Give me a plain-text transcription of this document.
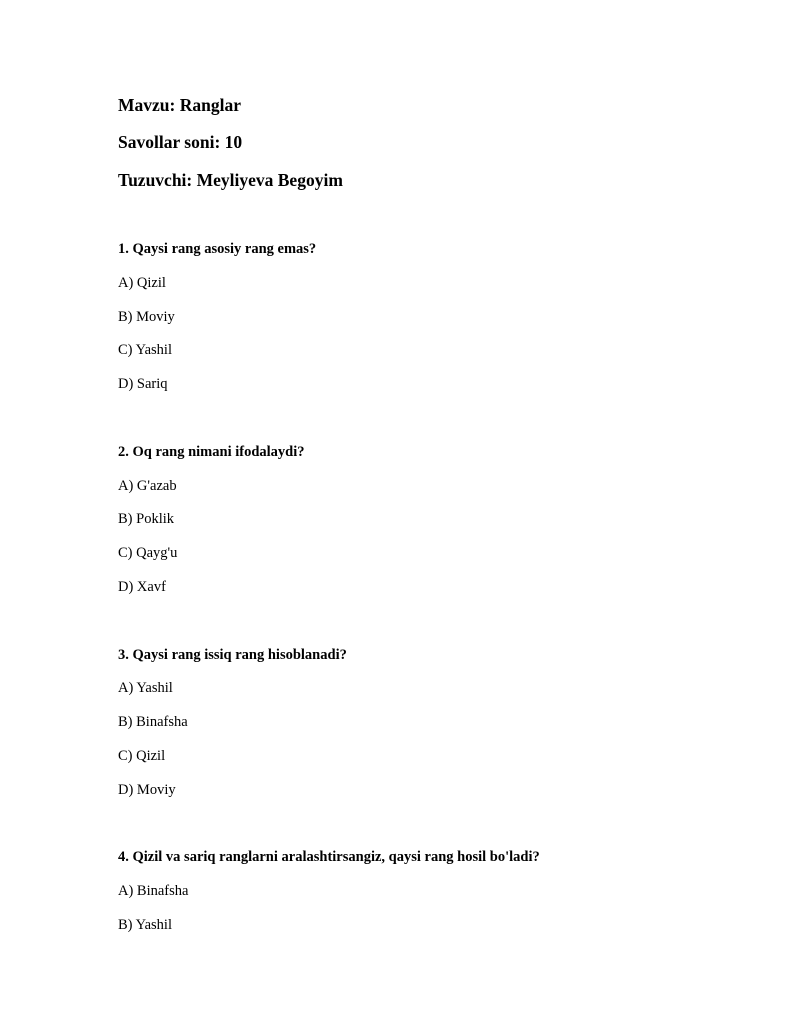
Mavzu: Ranglar
Savollar soni: 10
Tuzuvchi: Meyliyeva Begoyim
1. Qaysi rang asosiy rang emas?
A) Qizil
B) Moviy
C) Yashil
D) Sariq
2. Oq rang nimani ifodalaydi?
A) G'azab
B) Poklik
C) Qayg'u
D) Xavf
3. Qaysi rang issiq rang hisoblanadi?
A) Yashil
B) Binafsha
C) Qizil
D) Moviy
4. Qizil va sariq ranglarni aralashtirsangiz, qaysi rang hosil bo'ladi?
A) Binafsha
B) Yashil
